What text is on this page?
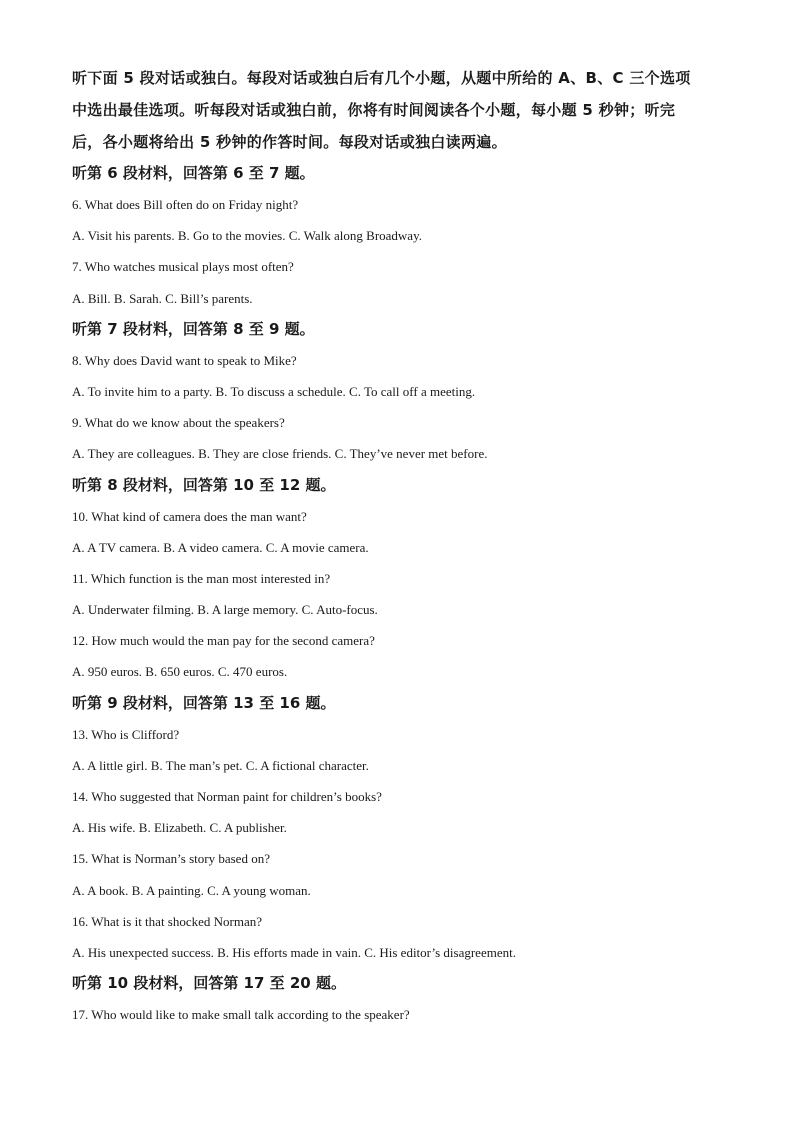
听下面 5 段对话或独白。每段对话或独白后有几个小题，从题中所给的 A、B、C 三个选项
中选出最佳选项。听每段对话或独白前，你将有时间阅读各个小题，每小题 5 秒钟；听完
后，各小题将给出 5 秒钟的作答时间。每段对话或独白读两遍。
听第 6 段材料，回答第 6 至 7 题。
6. What does Bill often do on Friday night?
A. Visit his parents. B. Go to the movies. C. Walk along Broadway.
7. Who watches musical plays most often?
A. Bill. B. Sarah. C. Bill’s parents.
听第 7 段材料，回答第 8 至 9 题。
8. Why does David want to speak to Mike?
A. To invite him to a party. B. To discuss a schedule. C. To call off a meeting.
9. What do we know about the speakers?
A. They are colleagues. B. They are close friends. C. They’ve never met before.
听第 8 段材料，回答第 10 至 12 题。
10. What kind of camera does the man want?
A. A TV camera. B. A video camera. C. A movie camera.
11. Which function is the man most interested in?
A. Underwater filming. B. A large memory. C. Auto-focus.
12. How much would the man pay for the second camera?
A. 950 euros. B. 650 euros. C. 470 euros.
听第 9 段材料，回答第 13 至 16 题。
13. Who is Clifford?
A. A little girl. B. The man’s pet. C. A fictional character.
14. Who suggested that Norman paint for children’s books?
A. His wife. B. Elizabeth. C. A publisher.
15. What is Norman’s story based on?
A. A book. B. A painting. C. A young woman.
16. What is it that shocked Norman?
A. His unexpected success. B. His efforts made in vain. C. His editor’s disagreement.
听第 10 段材料，回答第 17 至 20 题。
17. Who would like to make small talk according to the speaker?
